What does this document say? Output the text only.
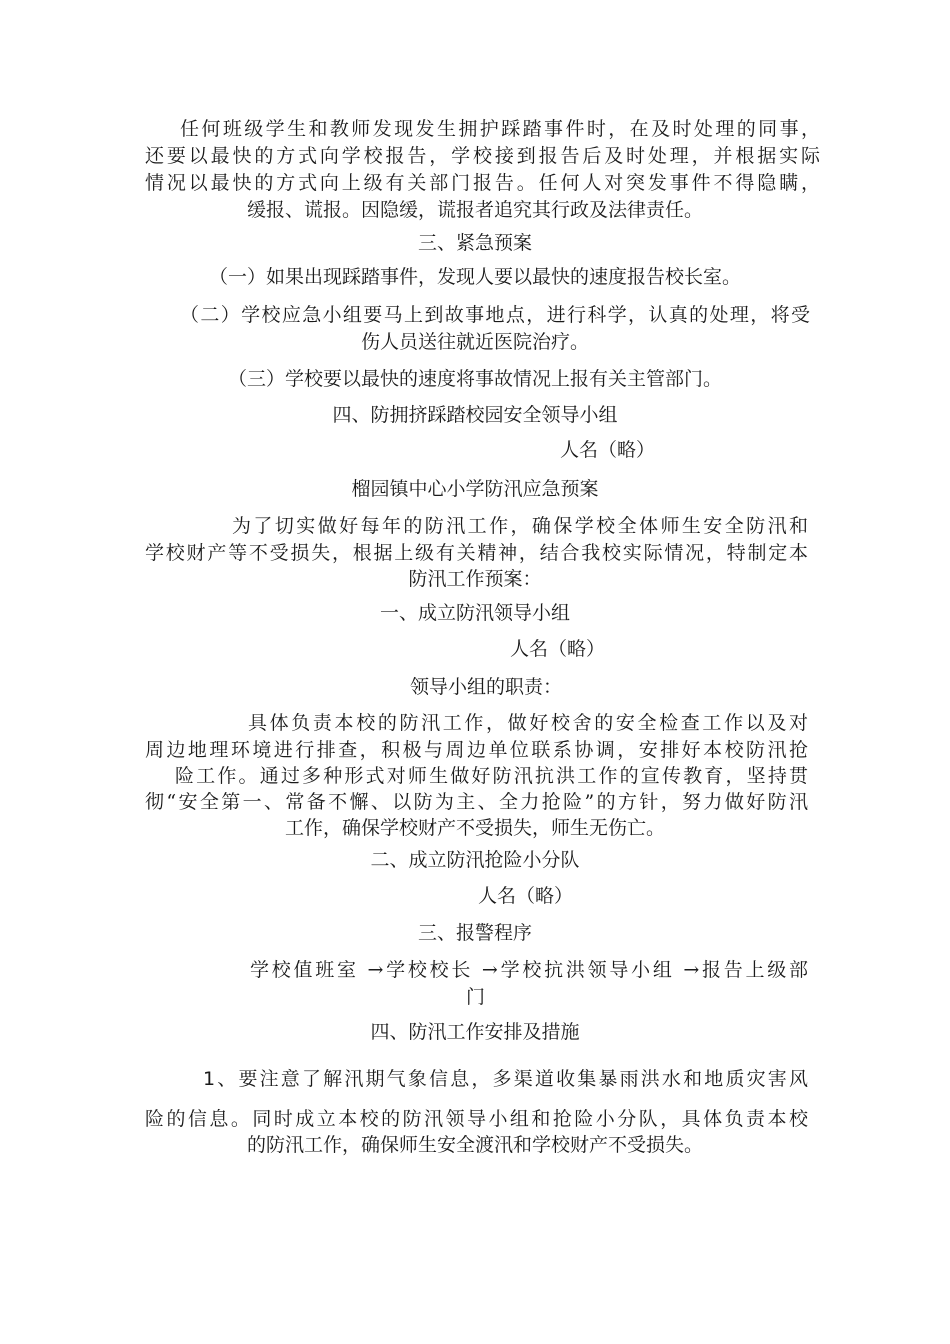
任何班级学生和教师发现发生拥护踩踏事件时，在及时处理的同事，
还要以最快的方式向学校报告，学校接到报告后及时处理，并根据实际
情况以最快的方式向上级有关部门报告。任何人对突发事件不得隐瞒，
缓报、谎报。因隐缓，谎报者追究其行政及法律责任。
三、紧急预案
（一）如果出现踩踏事件，发现人要以最快的速度报告校长室。
（二）学校应急小组要马上到故事地点，进行科学，认真的处理，将受
伤人员送往就近医院治疗。
（三）学校要以最快的速度将事故情况上报有关主管部门。
四、防拥挤踩踏校园安全领导小组
人名（略）
榴园镇中心小学防汛应急预案
为了切实做好每年的防汛工作，确保学校全体师生安全防汛和
学校财产等不受损失，根据上级有关精神，结合我校实际情况，特制定本
防汛工作预案：
一、成立防汛领导小组
人名（略）
领导小组的职责：
具体负责本校的防汛工作，做好校舍的安全检查工作以及对
周边地理环境进行排查，积极与周边单位联系协调，安排好本校防汛抢
险工作。通过多种形式对师生做好防汛抗洪工作的宣传教育，坚持贯
彻“安全第一、常备不懈、以防为主、全力抢险”的方针，努力做好防汛
工作，确保学校财产不受损失，师生无伤亡。
二、成立防汛抢险小分队
人名（略）
三、报警程序
学校值班室 →学校校长 →学校抗洪领导小组 →报告上级部
门
四、防汛工作安排及措施
1、要注意了解汛期气象信息，多渠道收集暴雨洪水和地质灾害风
险的信息。同时成立本校的防汛领导小组和抢险小分队，具体负责本校
的防汛工作，确保师生安全渡汛和学校财产不受损失。
